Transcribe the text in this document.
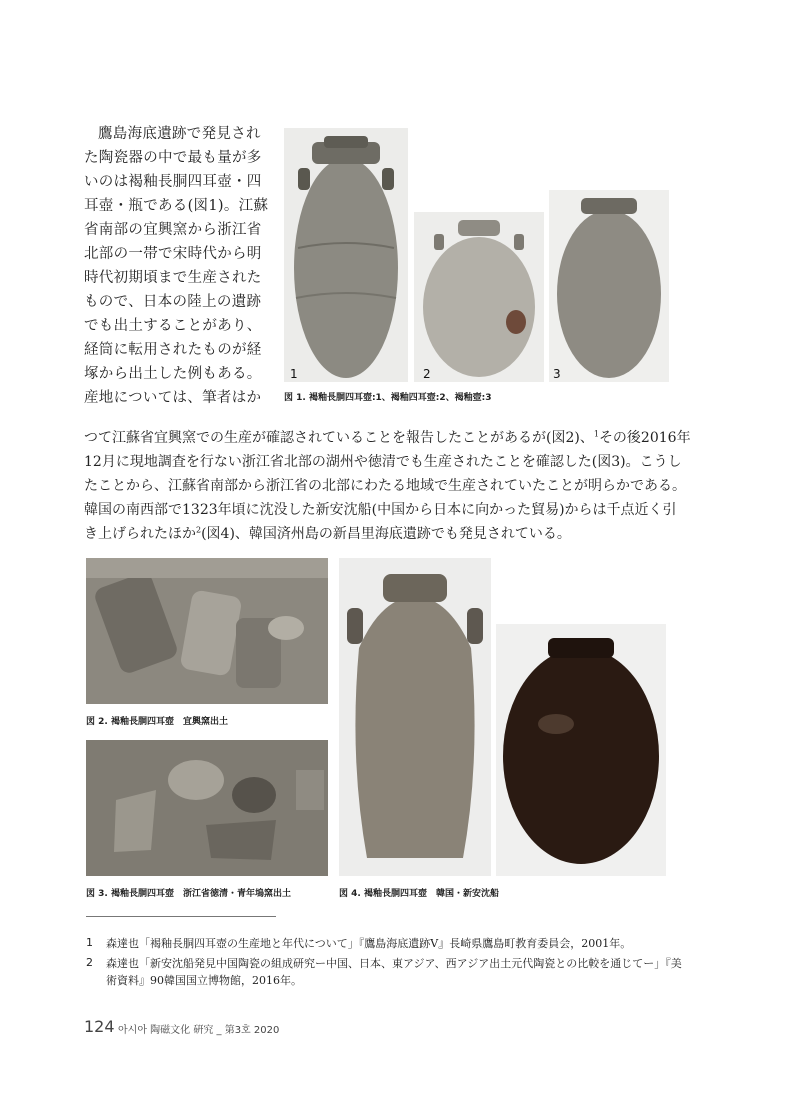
鷹島海底遺跡で発見され
た陶瓷器の中で最も量が多
いのは褐釉長胴四耳壺・四
耳壺・瓶である(図1)。江蘇
省南部の宜興窯から浙江省
北部の一帯で宋時代から明
時代初期頃まで生産された
もので、日本の陸上の遺跡
でも出土することがあり、
経筒に転用されたものが経
塚から出土した例もある。
産地については、筆者はか
つて江蘇省宜興窯での生産が確認されていることを報告したことがあるが(図2)、$^1$その後2016年
12月に現地調査を行ない浙江省北部の湖州や徳清でも生産されたことを確認した(図3)。こうし
たことから、江蘇省南部から浙江省の北部にわたる地域で生産されていたことが明らかである。
韓国の南西部で1323年頃に沈没した新安沈船(中国から日本に向かった貿易)からは千点近く引
き上げられたほか$^2$(図4)、韓国済州島の新昌里海底遺跡でも発見されている。
1	2	3
図 1. 褐釉長胴四耳壺:1、褐釉四耳壺:2、褐釉壺:3
図 2. 褐釉長胴四耳壺　宜興窯出土
図 3. 褐釉長胴四耳壺　浙江省徳清・青年塢窯出土	図 4. 褐釉長胴四耳壺　韓国・新安沈船
1 森達也「褐釉長胴四耳壺の生産地と年代について」『鷹島海底遺跡Ⅴ』長崎県鷹島町教育委員会，2001年。
2 森達也「新安沈船発見中国陶瓷の組成研究ー中国、日本、東アジア、西アジア出土元代陶瓷との比較を通じてー」『美
術資料』90韓国国立博物館，2016年。
124 아시아 陶磁文化 硏究 _ 第3호 2020
